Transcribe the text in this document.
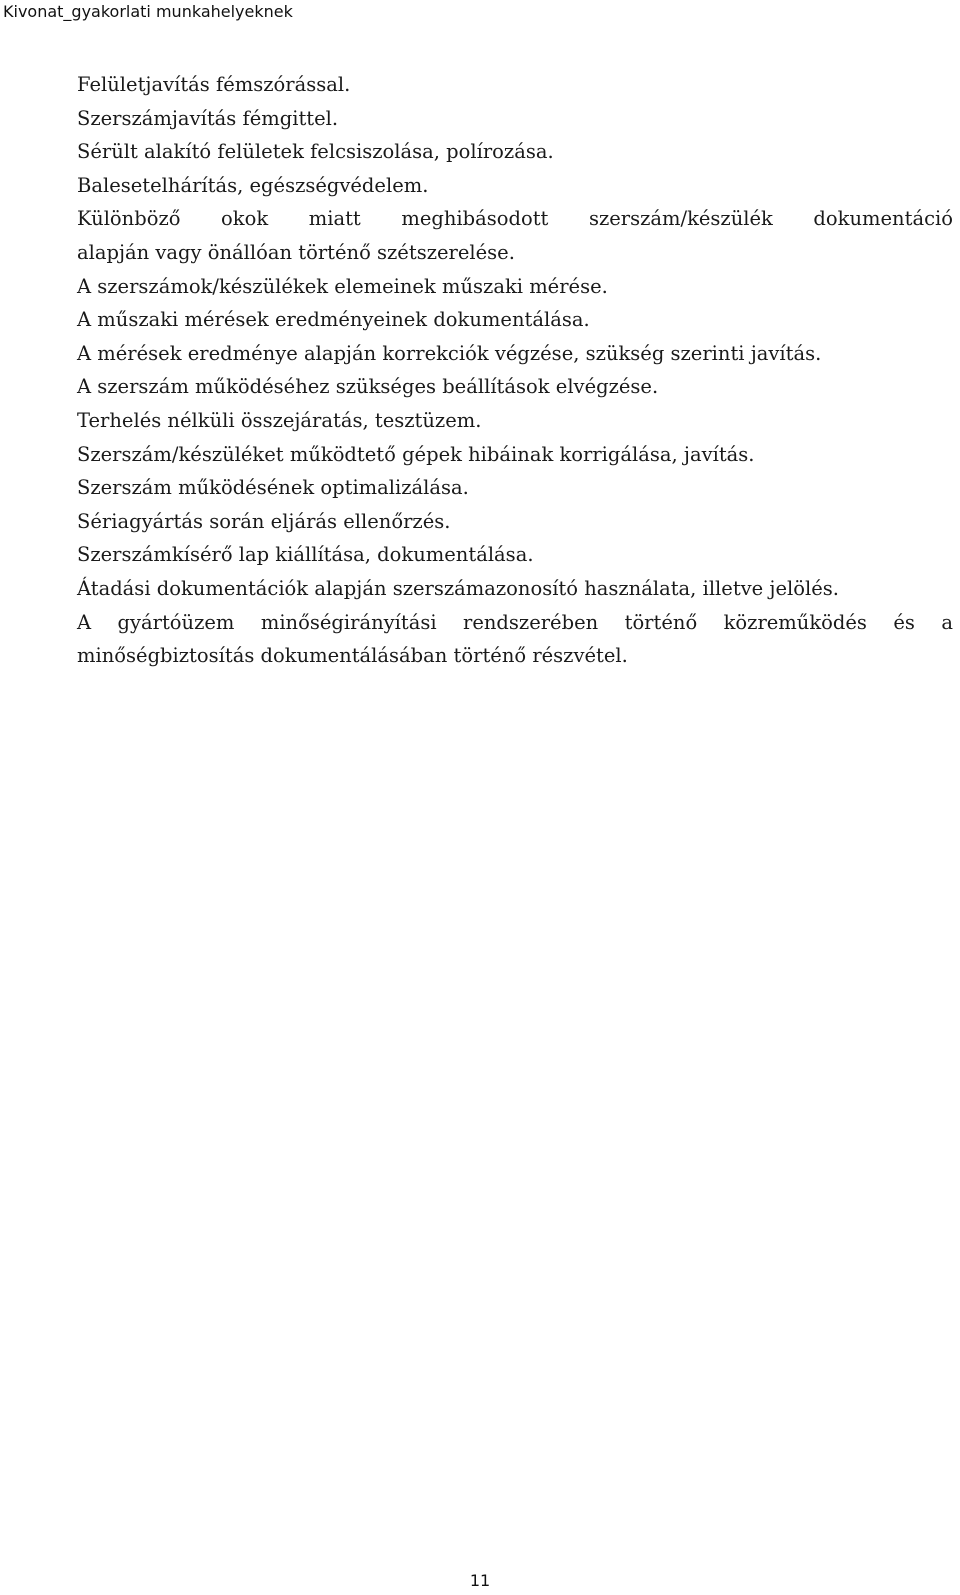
Kivonat_gyakorlati munkahelyeknek
Felületjavítás fémszórással.
Szerszámjavítás fémgittel.
Sérült alakító felületek felcsiszolása, polírozása.
Balesetelhárítás, egészségvédelem.
Különböző okok miatt meghibásodott szerszám/készülék dokumentáció
alapján vagy önállóan történő szétszerelése.
A szerszámok/készülékek elemeinek műszaki mérése.
A műszaki mérések eredményeinek dokumentálása.
A mérések eredménye alapján korrekciók végzése, szükség szerinti javítás.
A szerszám működéséhez szükséges beállítások elvégzése.
Terhelés nélküli összejáratás, tesztüzem.
Szerszám/készüléket működtető gépek hibáinak korrigálása, javítás.
Szerszám működésének optimalizálása.
Sériagyártás során eljárás ellenőrzés.
Szerszámkísérő lap kiállítása, dokumentálása.
Átadási dokumentációk alapján szerszámazonosító használata, illetve jelölés.
A gyártóüzem minőségirányítási rendszerében történő közreműködés és a
minőségbiztosítás dokumentálásában történő részvétel.
11
